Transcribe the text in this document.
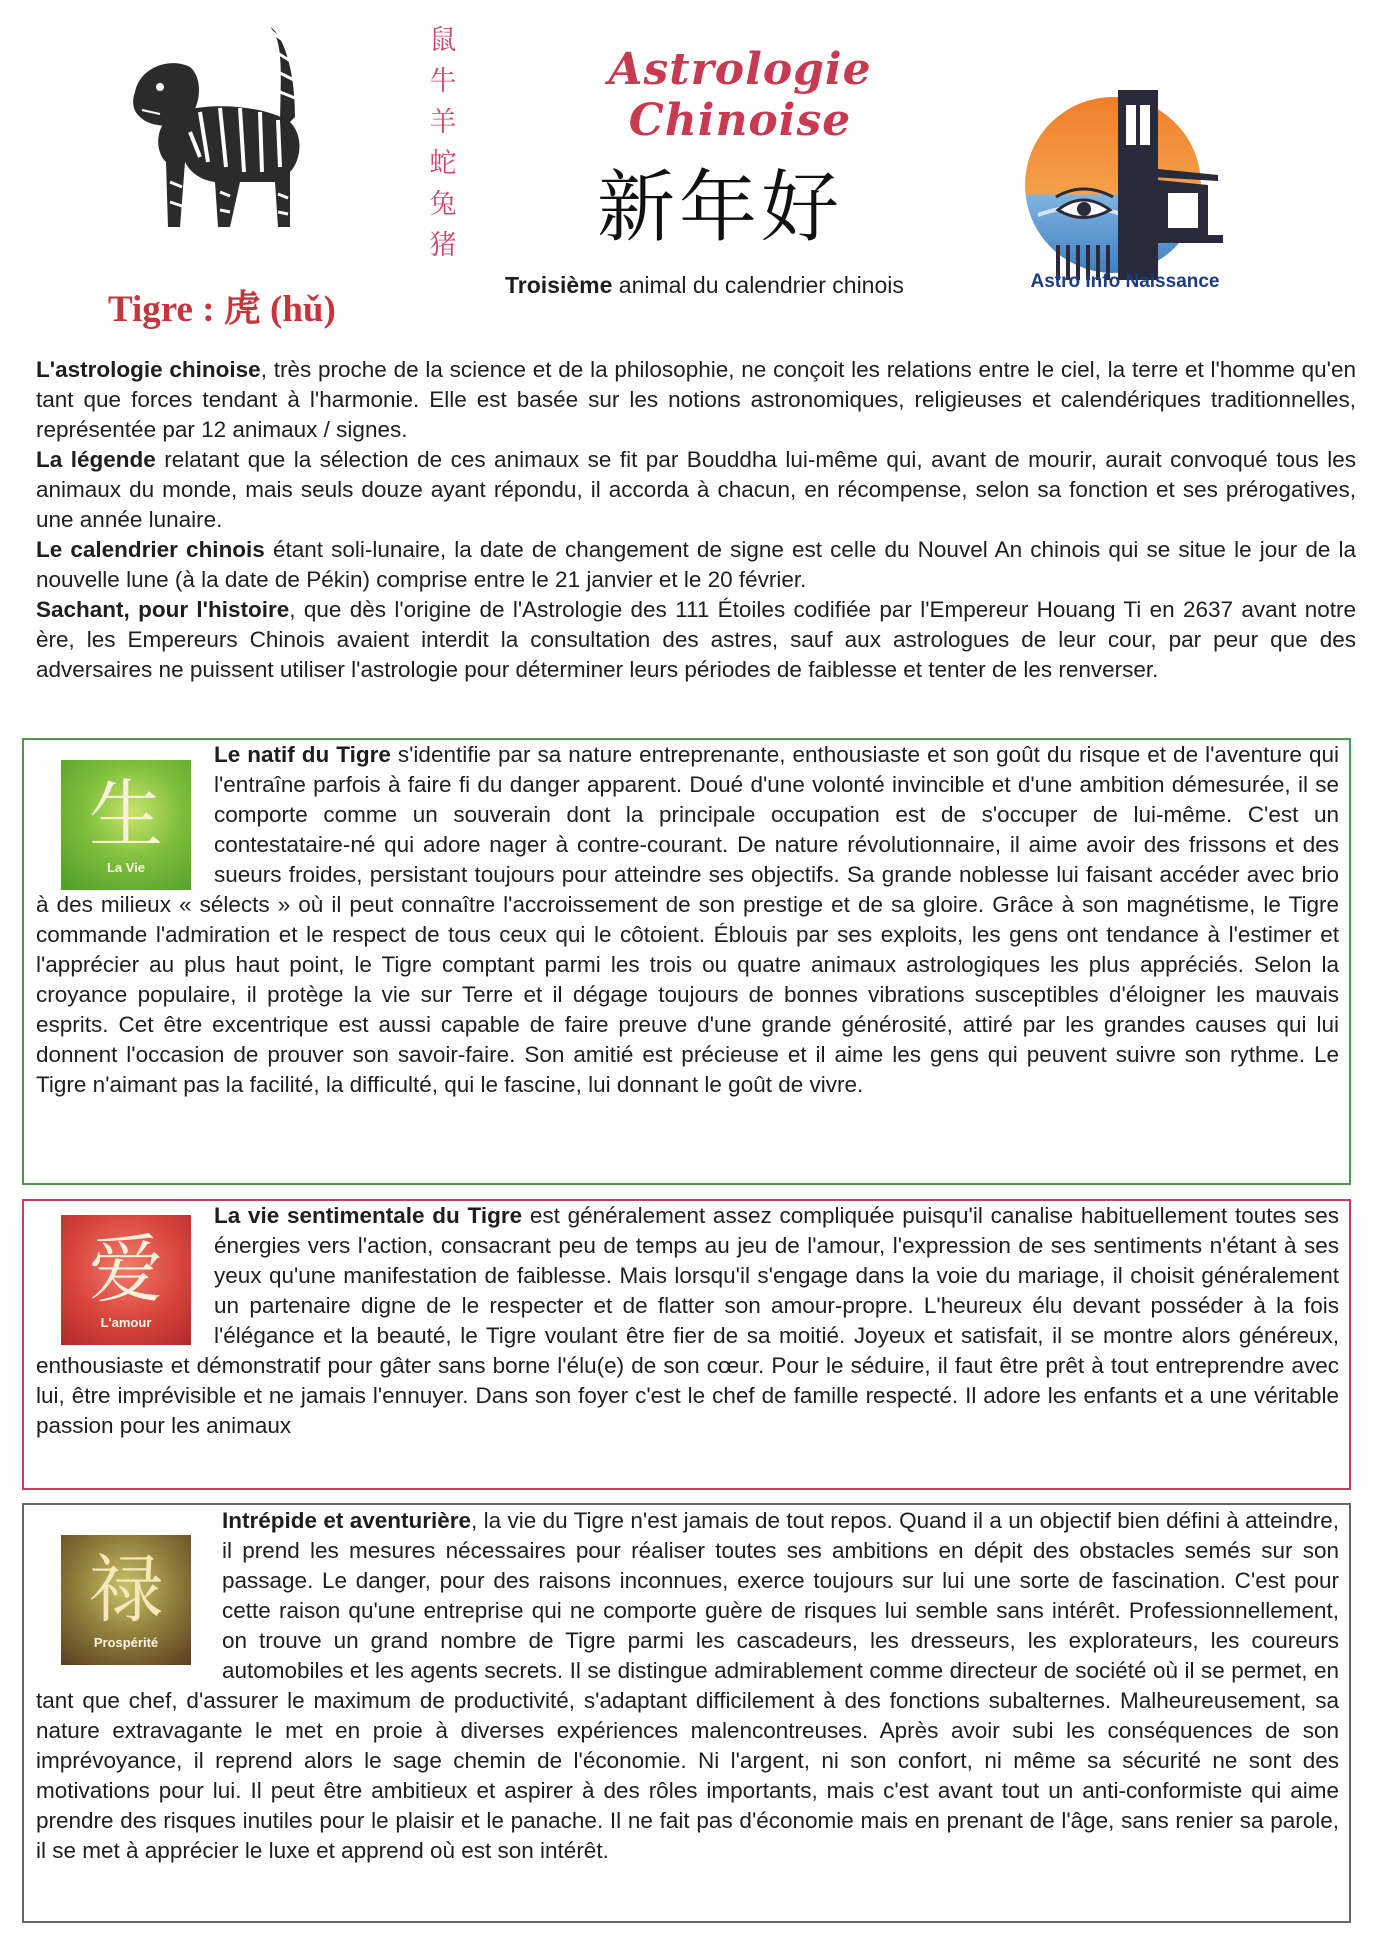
鼠
牛
羊
蛇
兔
猪
Astrologie Chinoise
新年好
Tigre : 虎 (hǔ)
Troisième animal du calendrier chinois	Astro Info Naissance

L'astrologie chinoise, très proche de la science et de la philosophie, ne conçoit les relations entre le ciel, la terre et l'homme qu'en tant que forces tendant à l'harmonie. Elle est basée sur les notions astronomiques, religieuses et calendériques traditionnelles, représentée par 12 animaux / signes.

La légende relatant que la sélection de ces animaux se fit par Bouddha lui-même qui, avant de mourir, aurait convoqué tous les animaux du monde, mais seuls douze ayant répondu, il accorda à chacun, en récompense, selon sa fonction et ses prérogatives, une année lunaire.

Le calendrier chinois étant soli-lunaire, la date de changement de signe est celle du Nouvel An chinois qui se situe le jour de la nouvelle lune (à la date de Pékin) comprise entre le 21 janvier et le 20 février.

Sachant, pour l'histoire, que dès l'origine de l'Astrologie des 111 Étoiles codifiée par l'Empereur Houang Ti en 2637 avant notre ère, les Empereurs Chinois avaient interdit la consultation des astres, sauf aux astrologues de leur cour, par peur que des adversaires ne puissent utiliser l'astrologie pour déterminer leurs périodes de faiblesse et tenter de les renverser.

生
La Vie
Le natif du Tigre s'identifie par sa nature entreprenante, enthousiaste et son goût du risque et de l'aventure qui l'entraîne parfois à faire fi du danger apparent. Doué d'une volonté invincible et d'une ambition démesurée, il se comporte comme un souverain dont la principale occupation est de s'occuper de lui-même. C'est un contestataire-né qui adore nager à contre-courant. De nature révolutionnaire, il aime avoir des frissons et des sueurs froides, persistant toujours pour atteindre ses objectifs. Sa grande noblesse lui faisant accéder avec brio à des milieux « sélects » où il peut connaître l'accroissement de son prestige et de sa gloire. Grâce à son magnétisme, le Tigre commande l'admiration et le respect de tous ceux qui le côtoient. Éblouis par ses exploits, les gens ont tendance à l'estimer et l'apprécier au plus haut point, le Tigre comptant parmi les trois ou quatre animaux astrologiques les plus appréciés. Selon la croyance populaire, il protège la vie sur Terre et il dégage toujours de bonnes vibrations susceptibles d'éloigner les mauvais esprits. Cet être excentrique est aussi capable de faire preuve d'une grande générosité, attiré par les grandes causes qui lui donnent l'occasion de prouver son savoir-faire. Son amitié est précieuse et il aime les gens qui peuvent suivre son rythme. Le Tigre n'aimant pas la facilité, la difficulté, qui le fascine, lui donnant le goût de vivre.
爱
L'amour
La vie sentimentale du Tigre est généralement assez compliquée puisqu'il canalise habituellement toutes ses énergies vers l'action, consacrant peu de temps au jeu de l'amour, l'expression de ses sentiments n'étant à ses yeux qu'une manifestation de faiblesse. Mais lorsqu'il s'engage dans la voie du mariage, il choisit généralement un partenaire digne de le respecter et de flatter son amour-propre. L'heureux élu devant posséder à la fois l'élégance et la beauté, le Tigre voulant être fier de sa moitié. Joyeux et satisfait, il se montre alors généreux, enthousiaste et démonstratif pour gâter sans borne l'élu(e) de son cœur. Pour le séduire, il faut être prêt à tout entreprendre avec lui, être imprévisible et ne jamais l'ennuyer. Dans son foyer c'est le chef de famille respecté. Il adore les enfants et a une véritable passion pour les animaux
禄
Prospérité
Intrépide et aventurière, la vie du Tigre n'est jamais de tout repos. Quand il a un objectif bien défini à atteindre, il prend les mesures nécessaires pour réaliser toutes ses ambitions en dépit des obstacles semés sur son passage. Le danger, pour des raisons inconnues, exerce toujours sur lui une sorte de fascination. C'est pour cette raison qu'une entreprise qui ne comporte guère de risques lui semble sans intérêt. Professionnellement, on trouve un grand nombre de Tigre parmi les cascadeurs, les dresseurs, les explorateurs, les coureurs automobiles et les agents secrets. Il se distingue admirablement comme directeur de société où il se permet, en tant que chef, d'assurer le maximum de productivité, s'adaptant difficilement à des fonctions subalternes. Malheureusement, sa nature extravagante le met en proie à diverses expériences malencontreuses. Après avoir subi les conséquences de son imprévoyance, il reprend alors le sage chemin de l'économie. Ni l'argent, ni son confort, ni même sa sécurité ne sont des motivations pour lui. Il peut être ambitieux et aspirer à des rôles importants, mais c'est avant tout un anti-conformiste qui aime prendre des risques inutiles pour le plaisir et le panache. Il ne fait pas d'économie mais en prenant de l'âge, sans renier sa parole, il se met à apprécier le luxe et apprend où est son intérêt.
